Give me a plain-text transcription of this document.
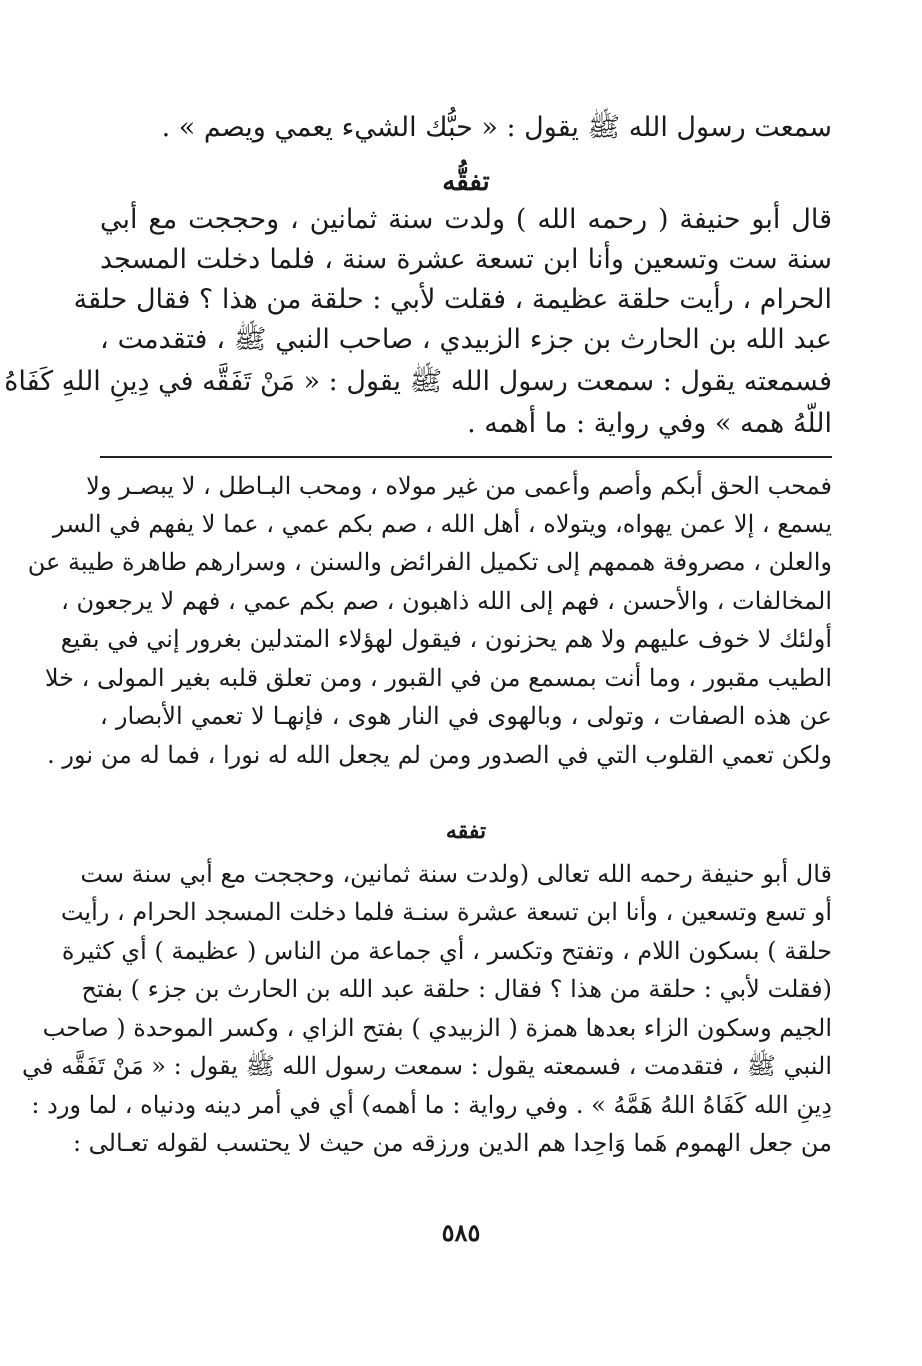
سمعت رسول الله ﷺ يقول : « حبُّك الشيء يعمي ويصم » .
تفقُّه
قال أبو حنيفة ( رحمه الله ) ولدت سنة ثمانين ، وحججت مع أبي
سنة ست وتسعين وأنا ابن تسعة عشرة سنة ، فلما دخلت المسجد
الحرام ، رأيت حلقة عظيمة ، فقلت لأبي : حلقة من هذا ؟ فقال حلقة
عبد الله بن الحارث بن جزء الزبيدي ، صاحب النبي ﷺ ، فتقدمت ،
فسمعته يقول : سمعت رسول الله ﷺ يقول : « مَنْ تَفَقَّه في دِينِ اللهِ كَفَاهُ
اللّهُ همه » وفي رواية : ما أهمه .
فمحب الحق أبكم وأصم وأعمى من غير مولاه ، ومحب البـاطل ، لا يبصـر ولا
يسمع ، إلا عمن يهواه، ويتولاه ، أهل الله ، صم بكم عمي ، عما لا يفهم في السر
والعلن ، مصروفة هممهم إلى تكميل الفرائض والسنن ، وسرارهم طاهرة طيبة عن
المخالفات ، والأحسن ، فهم إلى الله ذاهبون ، صم بكم عمي ، فهم لا يرجعون ،
أولئك لا خوف عليهم ولا هم يحزنون ، فيقول لهؤلاء المتدلين بغرور إني في بقيع
الطيب مقبور ، وما أنت بمسمع من في القبور ، ومن تعلق قلبه بغير المولى ، خلا
عن هذه الصفات ، وتولى ، وبالهوى في النار هوى ، فإنهـا لا تعمي الأبصار ،
ولكن تعمي القلوب التي في الصدور ومن لم يجعل الله له نورا ، فما له من نور .
تفقه
قال أبو حنيفة رحمه الله تعالى (ولدت سنة ثمانين، وحججت مع أبي سنة ست
أو تسع وتسعين ، وأنا ابن تسعة عشرة سنـة فلما دخلت المسجد الحرام ، رأيت
حلقة ) بسكون اللام ، وتفتح وتكسر ، أي جماعة من الناس ( عظيمة ) أي كثيرة
(فقلت لأبي : حلقة من هذا ؟ فقال : حلقة عبد الله بن الحارث بن جزء ) بفتح
الجيم وسكون الزاء بعدها همزة ( الزبيدي ) بفتح الزاي ، وكسر الموحدة ( صاحب
النبي ﷺ ، فتقدمت ، فسمعته يقول : سمعت رسول الله ﷺ يقول : « مَنْ تَفَقَّه في
دِينِ الله كَفَاهُ اللهُ هَمَّهُ » . وفي رواية : ما أهمه) أي في أمر دينه ودنياه ، لما ورد :
من جعل الهموم هَما وَاحِدا هم الدين ورزقه من حيث لا يحتسب لقوله تعـالى :
٥٨٥
